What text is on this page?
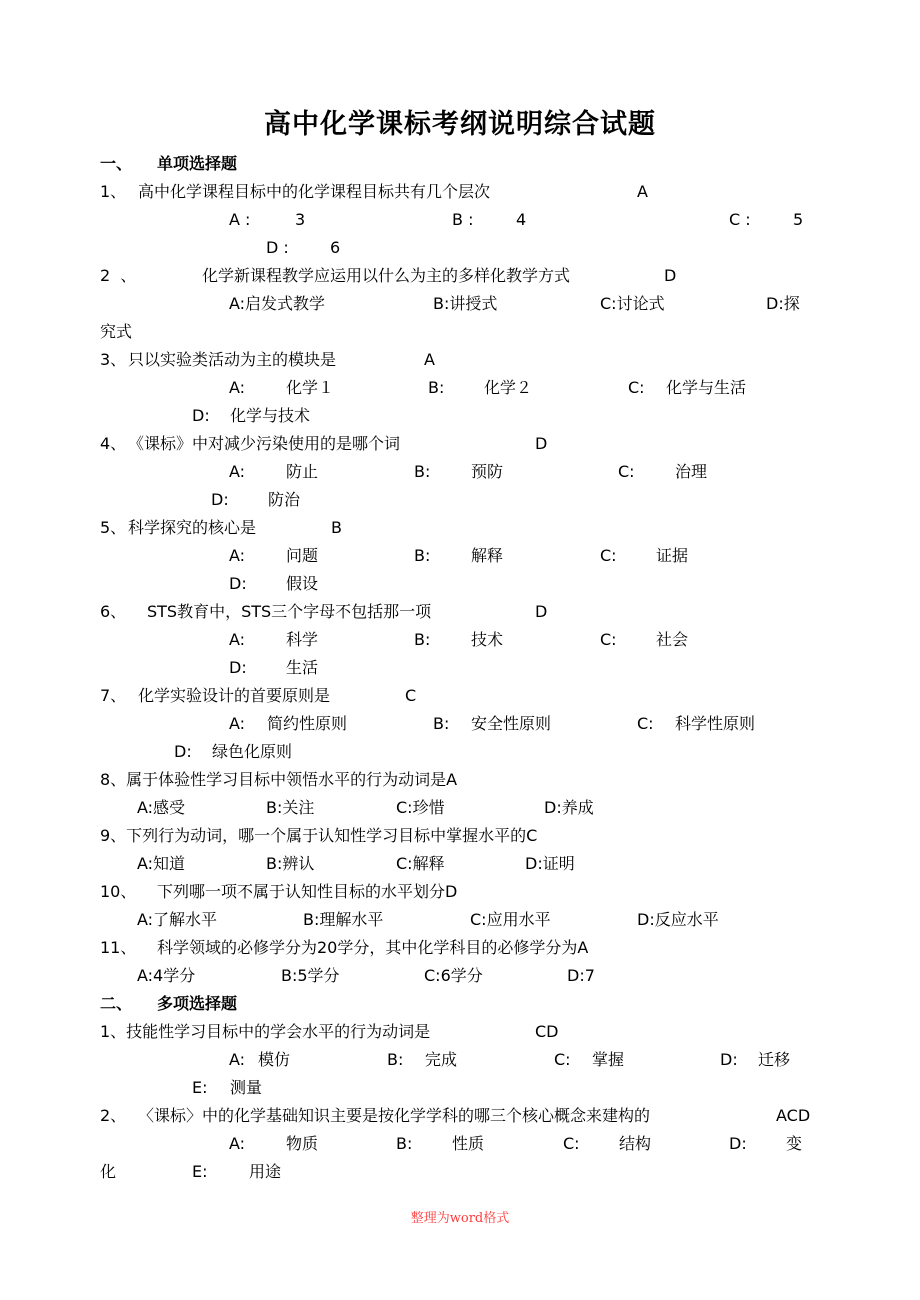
高中化学课标考纲说明综合试题
一、 单项选择题
1、 高中化学课程目标中的化学课程目标共有几个层次	A
A :	3	B :	4	C :	5
D :	6
2  、	化学新课程教学应运用以什么为主的多样化教学方式	D
A:启发式教学	B:讲授式	C:讨论式	D:探
究式
3、 只以实验类活动为主的模块是	A
A:	化学１	B: 化学２	C: 化学与生活
D: 化学与技术
4、 《课标》中对减少污染使用的是哪个词	D
A:	防止	B:	预防	C:	治理
D: 防治
5、 科学探究的核心是	B
A:	问题	B:	解释	C: 证据
D: 假设
6、 STS教育中，STS三个字母不包括那一项	D
A:	科学	B:	技术	C: 社会
D: 生活
7、 化学实验设计的首要原则是	C
A: 简约性原则	B: 安全性原则	C: 科学性原则
D: 绿色化原则
8、属于体验性学习目标中领悟水平的行为动词是A
A:感受	B:关注	C:珍惜	D:养成
9、下列行为动词，哪一个属于认知性学习目标中掌握水平的C
A:知道	B:辨认	C:解释	D:证明
10、 下列哪一项不属于认知性目标的水平划分D
A:了解水平	B:理解水平	C:应用水平	D:反应水平
11、 科学领域的必修学分为20学分，其中化学科目的必修学分为A
A:4学分	B:5学分	C:6学分	D:7
二、 多项选择题
1、技能性学习目标中的学会水平的行为动词是	CD
A: 模仿	B: 完成	C: 掌握	D: 迁移
E: 测量
2、 〈课标〉中的化学基础知识主要是按化学学科的哪三个核心概念来建构的	ACD
A:	物质	B: 性质	C: 结构	D: 变
化	E:	用途
整理为word格式
